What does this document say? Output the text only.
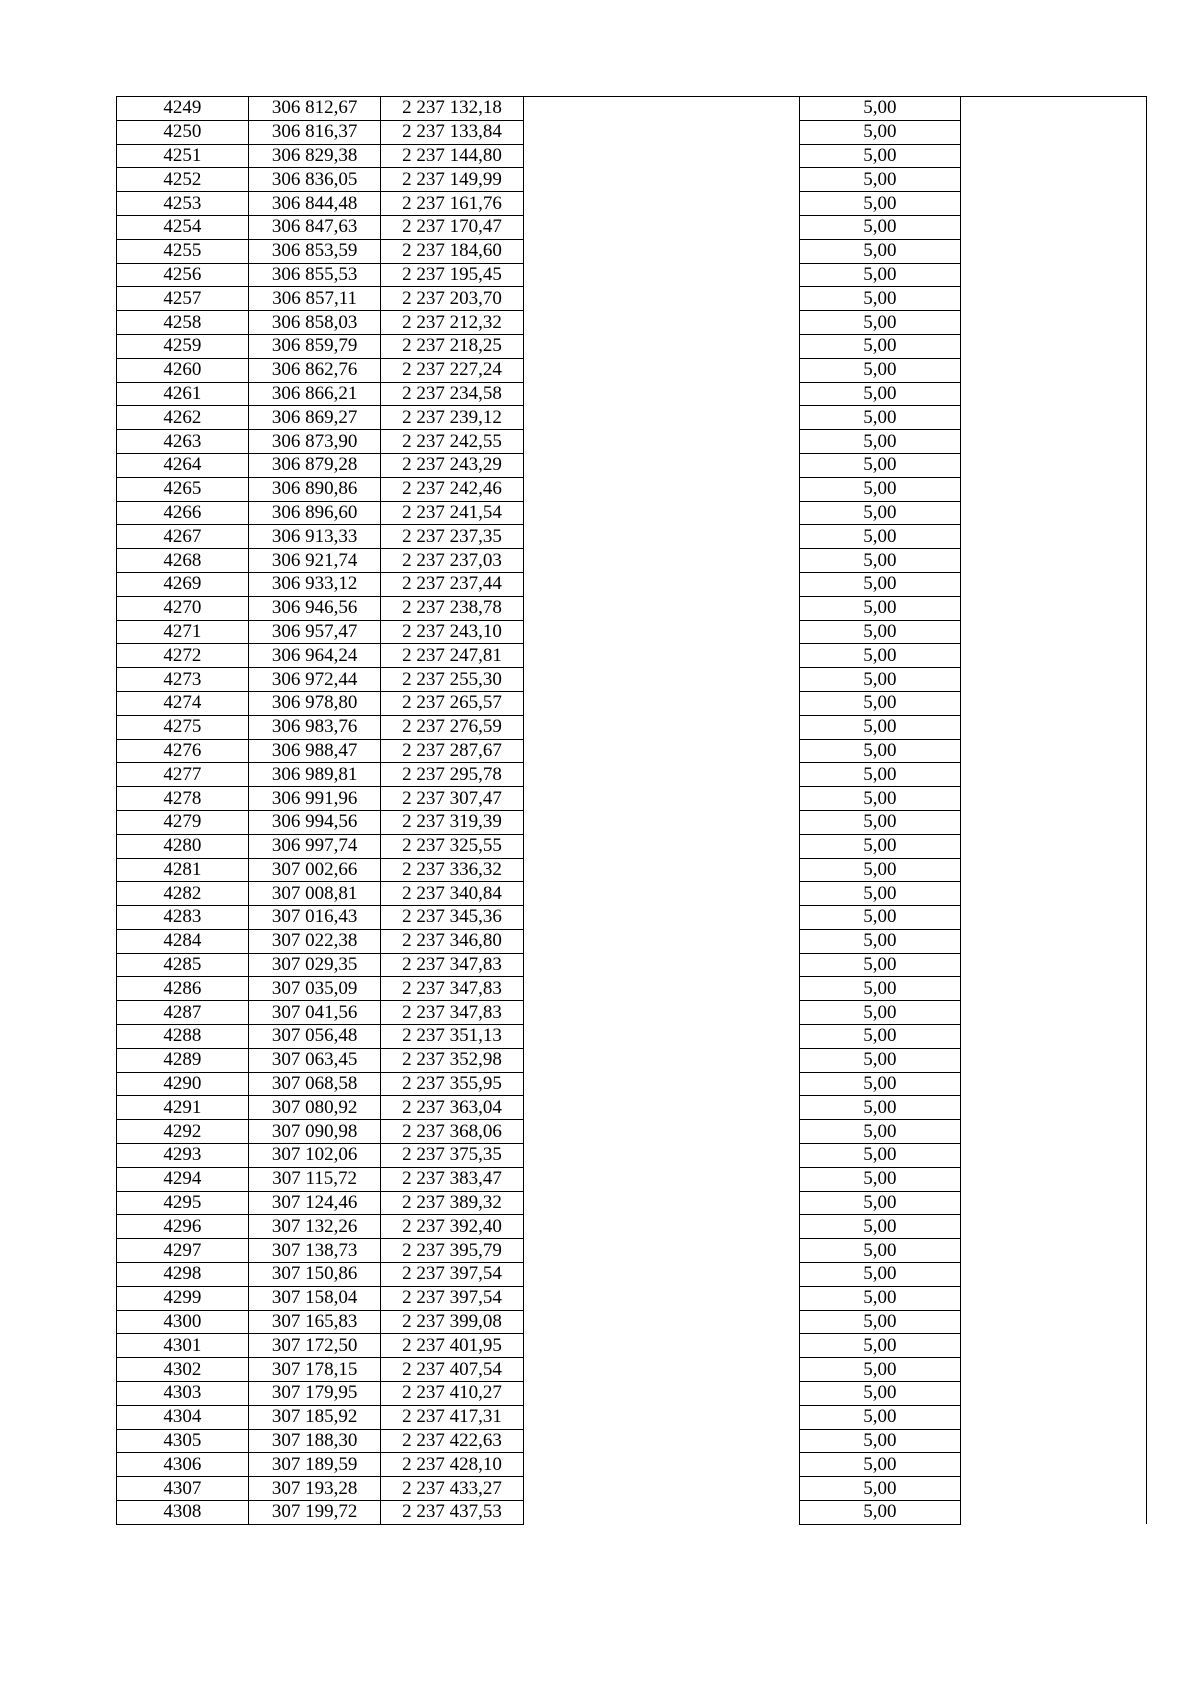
4249	306 812,67	2 237 132,18		5,00	
4250	306 816,37	2 237 133,84		5,00	
4251	306 829,38	2 237 144,80		5,00	
4252	306 836,05	2 237 149,99		5,00	
4253	306 844,48	2 237 161,76		5,00	
4254	306 847,63	2 237 170,47		5,00	
4255	306 853,59	2 237 184,60		5,00	
4256	306 855,53	2 237 195,45		5,00	
4257	306 857,11	2 237 203,70		5,00	
4258	306 858,03	2 237 212,32		5,00	
4259	306 859,79	2 237 218,25		5,00	
4260	306 862,76	2 237 227,24		5,00	
4261	306 866,21	2 237 234,58		5,00	
4262	306 869,27	2 237 239,12		5,00	
4263	306 873,90	2 237 242,55		5,00	
4264	306 879,28	2 237 243,29		5,00	
4265	306 890,86	2 237 242,46		5,00	
4266	306 896,60	2 237 241,54		5,00	
4267	306 913,33	2 237 237,35		5,00	
4268	306 921,74	2 237 237,03		5,00	
4269	306 933,12	2 237 237,44		5,00	
4270	306 946,56	2 237 238,78		5,00	
4271	306 957,47	2 237 243,10		5,00	
4272	306 964,24	2 237 247,81		5,00	
4273	306 972,44	2 237 255,30		5,00	
4274	306 978,80	2 237 265,57		5,00	
4275	306 983,76	2 237 276,59		5,00	
4276	306 988,47	2 237 287,67		5,00	
4277	306 989,81	2 237 295,78		5,00	
4278	306 991,96	2 237 307,47		5,00	
4279	306 994,56	2 237 319,39		5,00	
4280	306 997,74	2 237 325,55		5,00	
4281	307 002,66	2 237 336,32		5,00	
4282	307 008,81	2 237 340,84		5,00	
4283	307 016,43	2 237 345,36		5,00	
4284	307 022,38	2 237 346,80		5,00	
4285	307 029,35	2 237 347,83		5,00	
4286	307 035,09	2 237 347,83		5,00	
4287	307 041,56	2 237 347,83		5,00	
4288	307 056,48	2 237 351,13		5,00	
4289	307 063,45	2 237 352,98		5,00	
4290	307 068,58	2 237 355,95		5,00	
4291	307 080,92	2 237 363,04		5,00	
4292	307 090,98	2 237 368,06		5,00	
4293	307 102,06	2 237 375,35		5,00	
4294	307 115,72	2 237 383,47		5,00	
4295	307 124,46	2 237 389,32		5,00	
4296	307 132,26	2 237 392,40		5,00	
4297	307 138,73	2 237 395,79		5,00	
4298	307 150,86	2 237 397,54		5,00	
4299	307 158,04	2 237 397,54		5,00	
4300	307 165,83	2 237 399,08		5,00	
4301	307 172,50	2 237 401,95		5,00	
4302	307 178,15	2 237 407,54		5,00	
4303	307 179,95	2 237 410,27		5,00	
4304	307 185,92	2 237 417,31		5,00	
4305	307 188,30	2 237 422,63		5,00	
4306	307 189,59	2 237 428,10		5,00	
4307	307 193,28	2 237 433,27		5,00	
4308	307 199,72	2 237 437,53		5,00	
